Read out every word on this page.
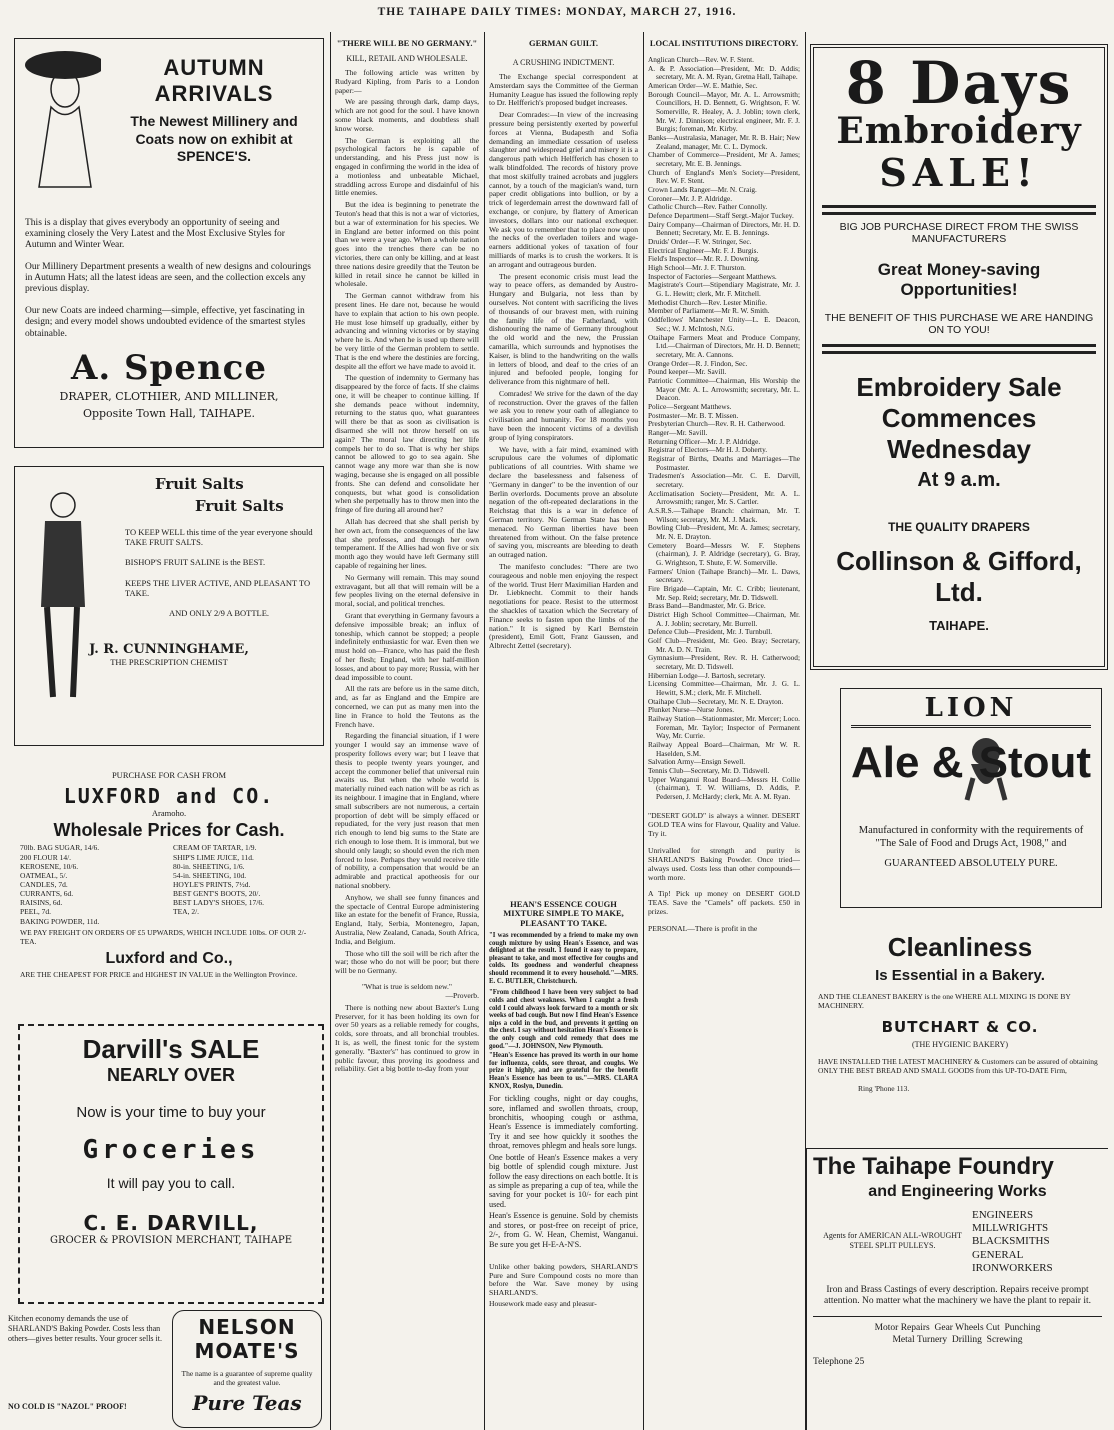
THE TAIHAPE DAILY TIMES: MONDAY, MARCH 27, 1916.
AUTUMN ARRIVALS
The Newest Millinery and Coats now on exhibit at SPENCE'S.
This is a display that gives everybody an opportunity of seeing and examining closely the Very Latest and the Most Exclusive Styles for Autumn and Winter Wear.
Our Millinery Department presents a wealth of new designs and colourings in Autumn Hats; all the latest ideas are seen, and the collection excels any previous display.
Our new Coats are indeed charming—simple, effective, yet fascinating in design; and every model shows undoubted evidence of the smartest styles obtainable.
A. Spence
DRAPER, CLOTHIER, AND MILLINER,
Opposite Town Hall, TAIHAPE.
Fruit Salts
Fruit Salts
TO KEEP WELL this time of the year everyone should TAKE FRUIT SALTS.
BISHOP'S FRUIT SALINE is the BEST.
KEEPS THE LIVER ACTIVE, AND PLEASANT TO TAKE.
AND ONLY 2/9 A BOTTLE.
J. R. CUNNINGHAME,
THE PRESCRIPTION CHEMIST
PURCHASE FOR CASH FROM
LUXFORD and CO.
Aramoho.
Wholesale Prices for Cash.
70lb. BAG SUGAR, 14/6.
200 FLOUR 14/.
KEROSENE, 10/6.
OATMEAL, 5/.
CANDLES, 7d.
CURRANTS, 6d.
RAISINS, 6d.
PEEL, 7d.
BAKING POWDER, 11d.
CREAM OF TARTAR, 1/9.
SHIP'S LIME JUICE, 11d.
80-in. SHEETING, 1/6.
54-in. SHEETING, 10d.
HOYLE'S PRINTS, 7½d.
BEST GENT'S BOOTS, 20/.
BEST LADY'S SHOES, 17/6.
TEA, 2/.
WE PAY FREIGHT ON ORDERS OF £5 UPWARDS, WHICH INCLUDE 10lbs. OF OUR 2/- TEA.
Luxford and Co.,
ARE THE CHEAPEST FOR PRICE and HIGHEST IN VALUE in the Wellington Province.
Darvill's SALE
NEARLY OVER
Now is your time to buy your
Groceries
It will pay you to call.
C. E. DARVILL,
GROCER & PROVISION MERCHANT, TAIHAPE
Kitchen economy demands the use of SHARLAND'S Baking Powder. Costs less than others—gives better results. Your grocer sells it.
NO COLD IS "NAZOL" PROOF!
NELSON MOATE'S
The name is a guarantee of supreme quality and the greatest value.
Pure Teas
"THERE WILL BE NO GERMANY."
KILL, RETAIL AND WHOLESALE.

The following article was written by Rudyard Kipling, from Paris to a London paper:—

We are passing through dark, damp days, which are not good for the soul. I have known some black moments, and doubtless shall know worse.

The German is exploiting all the psychological factors he is capable of understanding, and his Press just now is engaged in confirming the world in the idea of a motionless and unbeatable Michael, straddling across Europe and disdainful of his little enemies.

But the idea is beginning to penetrate the Teuton's head that this is not a war of victories, but a war of extermination for his species. We in England are better informed on this point than we were a year ago. When a whole nation goes into the trenches there can be no victories, there can only be killing, and at least three nations desire greedily that the Teuton be killed in retail since he cannot be killed in wholesale.

The German cannot withdraw from his present lines. He dare not, because he would have to explain that action to his own people. He must lose himself up gradually, either by advancing and winning victories or by staying where he is. And when he is used up there will be very little of the German problem to settle. That is the end where the destinies are forcing, despite all the effort we have made to avoid it.

The question of indemnity to Germany has disappeared by the force of facts. If she claims one, it will be cheaper to continue killing. If she demands peace without indemnity, returning to the status quo, what guarantees will there be that as soon as civilisation is disarmed she will not throw herself on us again? The moral law directing her life compels her to do so. That is why her ships cannot be allowed to go to sea again. She cannot wage any more war than she is now waging, because she is engaged on all possible fronts. She can defend and consolidate her conquests, but what good is consolidation when she perpetually has to throw men into the fringe of fire during all around her?

Allah has decreed that she shall perish by her own act, from the consequences of the law that she professes, and through her own temperament. If the Allies had won five or six month ago they would have left Germany still capable of regaining her lines.

No Germany will remain. This may sound extravagant, but all that will remain will be a few peoples living on the eternal defensive in moral, social, and political trenches.

Grant that everything in Germany favours a defensive impossible break; an influx of toneship, which cannot be stopped; a people indefinitely enthusiastic for war. Even then we must hold on—France, who has paid the flesh of her flesh; England, with her half-million losses, and about to pay more; Russia, with her dead impossible to count.

All the rats are before us in the same ditch, and, as far as England and the Empire are concerned, we can put as many men into the line in France to hold the Teutons as the French have.

Regarding the financial situation, if I were younger I would say an immense wave of prosperity follows every war; but I leave that thesis to people twenty years younger, and accept the commoner belief that universal ruin awaits us. But when the whole world is materially ruined each nation will be as rich as its neighbour. I imagine that in England, where small subscribers are not numerous, a certain proportion of debt will be simply effaced or repudiated, for the very just reason that men rich enough to lend big sums to the State are rich enough to lose them. It is immoral, but we should only laugh; so should even the rich men forced to lose. Perhaps they would receive title of nobility, a compensation that would be an admirable and practical apotheosis for our national snobbery.

Anyhow, we shall see funny finances and the spectacle of Central Europe administering like an estate for the benefit of France, Russia, England, Italy, Serbia, Montenegro, Japan, Australia, New Zealand, Canada, South Africa, India, and Belgium.

Those who till the soil will be rich after the war; those who do not will be poor; but there will be no Germany.

"What is true is seldom new."
—Proverb.

There is nothing new about Baxter's Lung Preserver, for it has been holding its own for over 50 years as a reliable remedy for coughs, colds, sore throats, and all bronchial troubles. It is, as well, the finest tonic for the system generally. "Baxter's" has continued to grow in public favour, thus proving its goodness and reliability. Get a big bottle to-day from your

GERMAN GUILT.
A CRUSHING INDICTMENT.

The Exchange special correspondent at Amsterdam says the Committee of the German Humanity League has issued the following reply to Dr. Helfferich's proposed budget increases.

Dear Comrades:—In view of the increasing pressure being persistently exerted by powerful forces at Vienna, Budapesth and Sofia demanding an immediate cessation of useless slaughter and widespread grief and misery it is a dangerous path which Helfferich has chosen to walk blindfolded. The records of history prove that most skilfully trained acrobats and jugglers cannot, by a touch of the magician's wand, turn paper credit obligations into bullion, or by a trick of legerdemain arrest the downward fall of exchange, or conjure, by flattery of American investors, dollars into our national exchequer. We ask you to remember that to place now upon the necks of the overladen toilers and wage-earners additional yokes of taxation of four milliards of marks is to crush the workers. It is an arrogant and outrageous burden.

The present economic crisis must lead the way to peace offers, as demanded by Austro-Hungary and Bulgaria, not less than by ourselves. Not content with sacrificing the lives of thousands of our bravest men, with ruining the family life of the Fatherland, with dishonouring the name of Germany throughout the old world and the new, the Prussian camarilla, which surrounds and hypnotises the Kaiser, is blind to the handwriting on the walls in letters of blood, and deaf to the cries of an injured and befooled people, longing for deliverance from this nightmare of hell.

Comrades! We strive for the dawn of the day of reconstruction. Over the graves of the fallen we ask you to renew your oath of allegiance to civilisation and humanity. For 18 months you have been the innocent victims of a devilish group of lying conspirators.

We have, with a fair mind, examined with scrupulous care the volumes of diplomatic publications of all countries. With shame we declare the baselessness and falseness of "Germany in danger" to be the invention of our Berlin overlords. Documents prove an absolute negation of the oft-repeated declarations in the Reichstag that this is a war in defence of German territory. No German State has been menaced. No German liberties have been threatened from without. On the false pretence of saving you, miscreants are bleeding to death an outraged nation.

The manifesto concludes: "There are two courageous and noble men enjoying the respect of the world. Trust Herr Maximilian Harden and Dr. Liebknecht. Commit to their hands negotiations for peace. Resist to the uttermost the shackles of taxation which the Secretary of Finance seeks to fasten upon the limbs of the nation." It is signed by Karl Bernstein (president), Emil Gott, Franz Gaussen, and Albrecht Zettel (secretary).

HEAN'S ESSENCE COUGH MIXTURE SIMPLE TO MAKE, PLEASANT TO TAKE.
"I was recommended by a friend to make my own cough mixture by using Hean's Essence, and was delighted at the result. I found it easy to prepare, pleasant to take, and most effective for coughs and colds. Its goodness and wonderful cheapness should recommend it to every household."—MRS. E. C. BUTLER, Christchurch.
"From childhood I have been very subject to bad colds and chest weakness. When I caught a fresh cold I could always look forward to a month or six weeks of bad cough. But now I find Hean's Essence nips a cold in the bud, and prevents it getting on the chest. I say without hesitation Hean's Essence is the only cough and cold remedy that does me good."—J. JOHNSON, New Plymouth.
"Hean's Essence has proved its worth in our home for influenza, colds, sore throat, and coughs. We prize it highly, and are grateful for the benefit Hean's Essence has been to us."—MRS. CLARA KNOX, Roslyn, Dunedin.
For tickling coughs, night or day coughs, sore, inflamed and swollen throats, croup, bronchitis, whooping cough or asthma, Hean's Essence is immediately comforting. Try it and see how quickly it soothes the throat, removes phlegm and heals sore lungs.
One bottle of Hean's Essence makes a very big bottle of splendid cough mixture. Just follow the easy directions on each bottle. It is as simple as preparing a cup of tea, while the saving for your pocket is 10/- for each pint used.
Hean's Essence is genuine. Sold by chemists and stores, or post-free on receipt of price, 2/-, from G. W. Hean, Chemist, Wanganui. Be sure you get H-E-A-N'S.
Unlike other baking powders, SHARLAND'S Pure and Sure Compound costs no more than before the War. Save money by using SHARLAND'S.
Housework made easy and pleasur-
LOCAL INSTITUTIONS DIRECTORY.

Anglican Church—Rev. W. F. Stent.

A. & P. Association—President, Mr. D. Addis; secretary, Mr. A. M. Ryan, Gretna Hall, Taihape.

American Order—W. E. Mathie, Sec.

Borough Council—Mayor, Mr. A. L. Arrowsmith; Councillors, H. D. Bennett, G. Wrightson, F. W. Somerville, R. Healey, A. J. Joblin; town clerk, Mr. W. J. Dinnison; electrical engineer, Mr. F. J. Burgis; foreman, Mr. Kirby.

Banks—Australasia, Manager, Mr. R. B. Hair; New Zealand, manager, Mr. C. L. Dymock.

Chamber of Commerce—President, Mr A. James; secretary, Mr. E. B. Jennings.

Church of England's Men's Society—President, Rev. W. F. Stent.

Crown Lands Ranger—Mr. N. Craig.

Coroner—Mr. J. P. Aldridge.

Catholic Church—Rev. Father Connolly.

Defence Department—Staff Sergt.-Major Tuckey.

Dairy Company—Chairman of Directors, Mr. H. D. Bennett; Secretary, Mr. E. B. Jennings.

Druids' Order—F. W. Stringer, Sec.

Electrical Engineer—Mr. F. J. Burgis.

Field's Inspector—Mr. R. J. Downing.

High School—Mr. J. F. Thurston.

Inspector of Factories—Sergeant Matthews.

Magistrate's Court—Stipendiary Magistrate, Mr. J. G. L. Hewitt; clerk, Mr. F. Mitchell.

Methodist Church—Rev. Lester Minifie.

Member of Parliament—Mr R. W. Smith.

Oddfellows' Manchester Unity—L. E. Deacon, Sec.; W. J. McIntosh, N.G.

Otaihape Farmers Meat and Produce Company, Ltd.—Chairman of Directors, Mr. H. D. Bennett; secretary, Mr. A. Cannons.

Orange Order—R. J. Findon, Sec.

Pound keeper—Mr. Savill.

Patriotic Committee—Chairman, His Worship the Mayor (Mr. A. L. Arrowsmith; secretary, Mr. L. Deacon.

Police—Sergeant Matthews.

Postmaster—Mr. B. T. Missen.

Presbyterian Church—Rev. R. H. Catherwood.

Ranger—Mr. Savill.

Returning Officer—Mr. J. P. Aldridge.

Registrar of Electors—Mr H. J. Doherty.

Registrar of Births, Deaths and Marriages—The Postmaster.

Tradesmen's Association—Mr. C. E. Darvill, secretary.

Acclimatisation Society—President, Mr. A. L. Arrowsmith; ranger, Mr. S. Cartler.

A.S.R.S.—Taihape Branch: chairman, Mr. T. Wilson; secretary, Mr. M. J. Mack.

Bowling Club—President, Mr. A. James; secretary, Mr. N. E. Drayton.

Cemetery Board—Messrs W. F. Stephens (chairman), J. P. Aldridge (secretary), G. Bray, G. Wrightson, T. Shute, F. W. Somerville.

Farmers' Union (Taihape Branch)—Mr. L. Daws, secretary.

Fire Brigade—Captain, Mr. C. Cribb; lieutenant, Mr. Sep. Reid; secretary, Mr. D. Tidswell.

Brass Band—Bandmaster, Mr. G. Brice.

District High School Committee—Chairman, Mr. A. J. Joblin; secretary, Mr. Burrell.

Defence Club—President, Mr. J. Turnbull.

Golf Club—President, Mr. Geo. Bray; Secretary, Mr. A. D. N. Train.

Gymnasium—President, Rev. R. H. Catherwood; secretary, Mr. D. Tidswell.

Hibernian Lodge—J. Bartosh, secretary.

Licensing Committee—Chairman, Mr. J. G. L. Hewitt, S.M.; clerk, Mr. F. Mitchell.

Otaihape Club—Secretary, Mr. N. E. Drayton.

Plunket Nurse—Nurse Jones.

Railway Station—Stationmaster, Mr. Mercer; Loco. Foreman, Mr. Taylor; Inspector of Permanent Way, Mr. Currie.

Railway Appeal Board—Chairman, Mr W. R. Haselden, S.M.

Salvation Army—Ensign Sewell.

Tennis Club—Secretary, Mr. D. Tidswell.

Upper Wanganui Road Board—Messrs H. Collie (chairman), T. W. Williams, D. Addis, P. Pedersen, J. McHardy; clerk, Mr. A. M. Ryan.

"DESERT GOLD" is always a winner. DESERT GOLD TEA wins for Flavour, Quality and Value. Try it.
Unrivalled for strength and purity is SHARLAND'S Baking Powder. Once tried—always used. Costs less than other compounds—worth more.
A Tip! Pick up money on DESERT GOLD TEAS. Save the "Camels" off packets. £50 in prizes.
PERSONAL—There is profit in the
8 Days
Embroidery
SALE!
BIG JOB PURCHASE DIRECT FROM THE SWISS MANUFACTURERS
Great Money-saving Opportunities!
THE BENEFIT OF THIS PURCHASE WE ARE HANDING ON TO YOU!
Embroidery Sale
Commences Wednesday
At 9 a.m.
THE QUALITY DRAPERS
Collinson & Gifford, Ltd.
TAIHAPE.
LION
Ale & Stout
Manufactured in conformity with the requirements of "The Sale of Food and Drugs Act, 1908," and
GUARANTEED ABSOLUTELY PURE.
Cleanliness
Is Essential in a Bakery.
AND THE CLEANEST BAKERY is the one WHERE ALL MIXING IS DONE BY MACHINERY.
BUTCHART & CO.
(THE HYGIENIC BAKERY)
HAVE INSTALLED THE LATEST MACHINERY & Customers can be assured of obtaining ONLY THE BEST BREAD AND SMALL GOODS from this UP-TO-DATE Firm,
Ring 'Phone 113.
The Taihape Foundry
and Engineering Works
Agents for AMERICAN ALL-WROUGHT STEEL SPLIT PULLEYS.
ENGINEERS
MILLWRIGHTS
BLACKSMITHS
GENERAL IRONWORKERS
Iron and Brass Castings of every description. Repairs receive prompt attention. No matter what the machinery we have the plant to repair it.
Motor Repairs  Gear Wheels Cut  Punching
Metal Turnery  Drilling  Screwing
Telephone 25
